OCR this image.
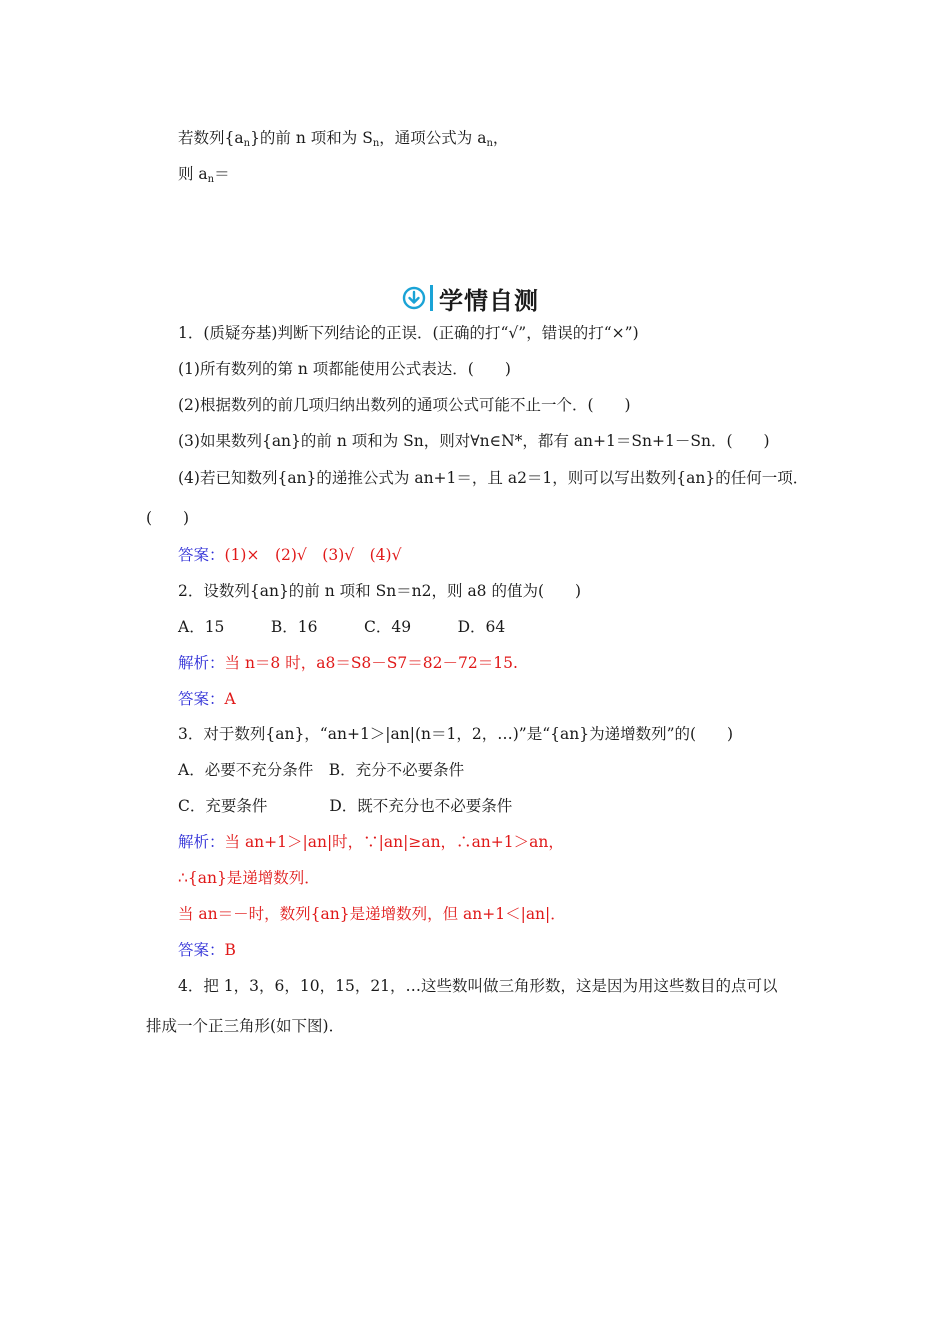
若数列$\{a_n\}$的前 n 项和为 $S_n$，通项公式为 $a_n$，
则 $a_n=$
学情自测
1．(质疑夯基)判断下列结论的正误．(正确的打“√”，错误的打“×”)
(1)所有数列的第 n 项都能使用公式表达．(　　)
(2)根据数列的前几项归纳出数列的通项公式可能不止一个．(　　)
(3)如果数列{an}的前 n 项和为 Sn，则对∀n∈N*，都有 an+1＝Sn+1－Sn．(　　)
(4)若已知数列{an}的递推公式为 an+1＝，且 a2＝1，则可以写出数列{an}的任何一项．
(　　)
答案：(1)×　(2)√　(3)√　(4)√
2．设数列{an}的前 n 项和 Sn＝n2，则 a8 的值为(　　)
A．15　　　B．16　　　C．49　　　D．64
解析：当 n＝8 时，a8＝S8－S7＝82－72＝15.
答案：A
3．对于数列{an}，“an+1＞|an|(n＝1，2，…)”是“{an}为递增数列”的(　　)
A．必要不充分条件　B．充分不必要条件
C．充要条件　　　　D．既不充分也不必要条件
解析：当 an+1＞|an|时，∵|an|≥an，∴an+1＞an，
∴{an}是递增数列．
当 an＝－时，数列{an}是递增数列，但 an+1＜|an|．
答案：B
4．把 1，3，6，10，15，21，…这些数叫做三角形数，这是因为用这些数目的点可以
排成一个正三角形(如下图)．
